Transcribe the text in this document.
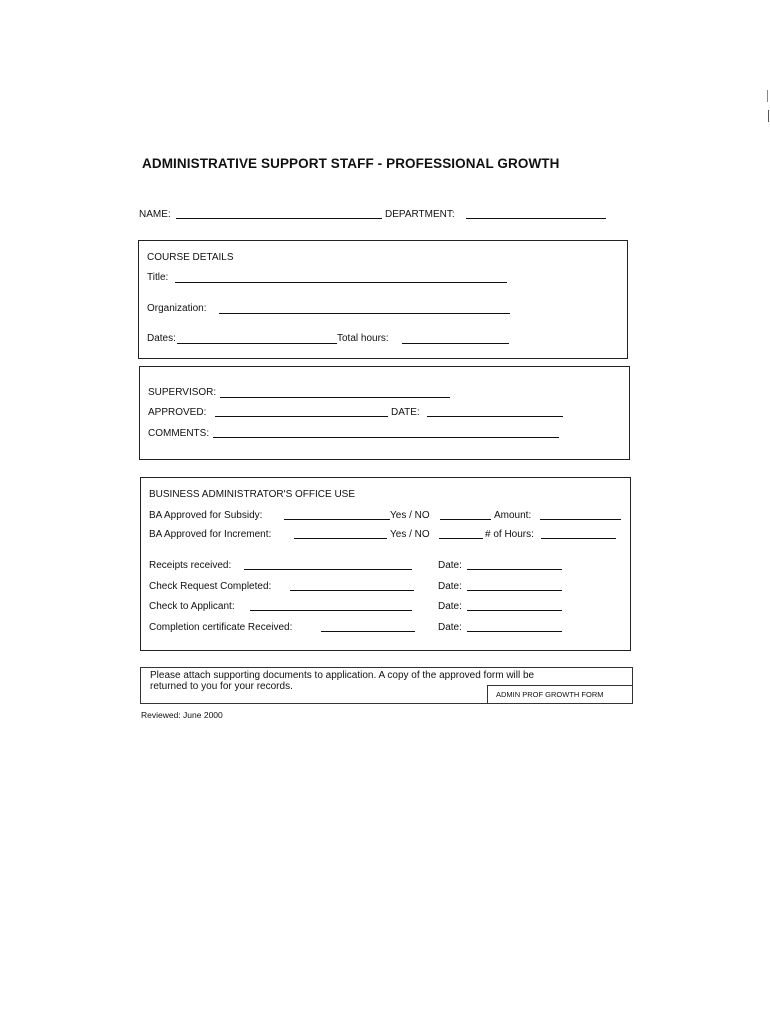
ADMINISTRATIVE SUPPORT STAFF - PROFESSIONAL GROWTH
NAME:	DEPARTMENT:
COURSE DETAILS
Title:
Organization:
Dates:	Total hours:
SUPERVISOR:
APPROVED:	DATE:
COMMENTS:
BUSINESS ADMINISTRATOR'S OFFICE USE
BA Approved for Subsidy:	Yes / NO	Amount:
BA Approved for Increment:	Yes / NO	# of Hours:
Receipts received:	Date:
Check Request Completed:	Date:
Check to Applicant:	Date:
Completion certificate Received:	Date:
Please attach supporting documents to application. A copy of the approved form will be
returned to you for your records.
ADMIN PROF GROWTH FORM
Reviewed: June 2000
